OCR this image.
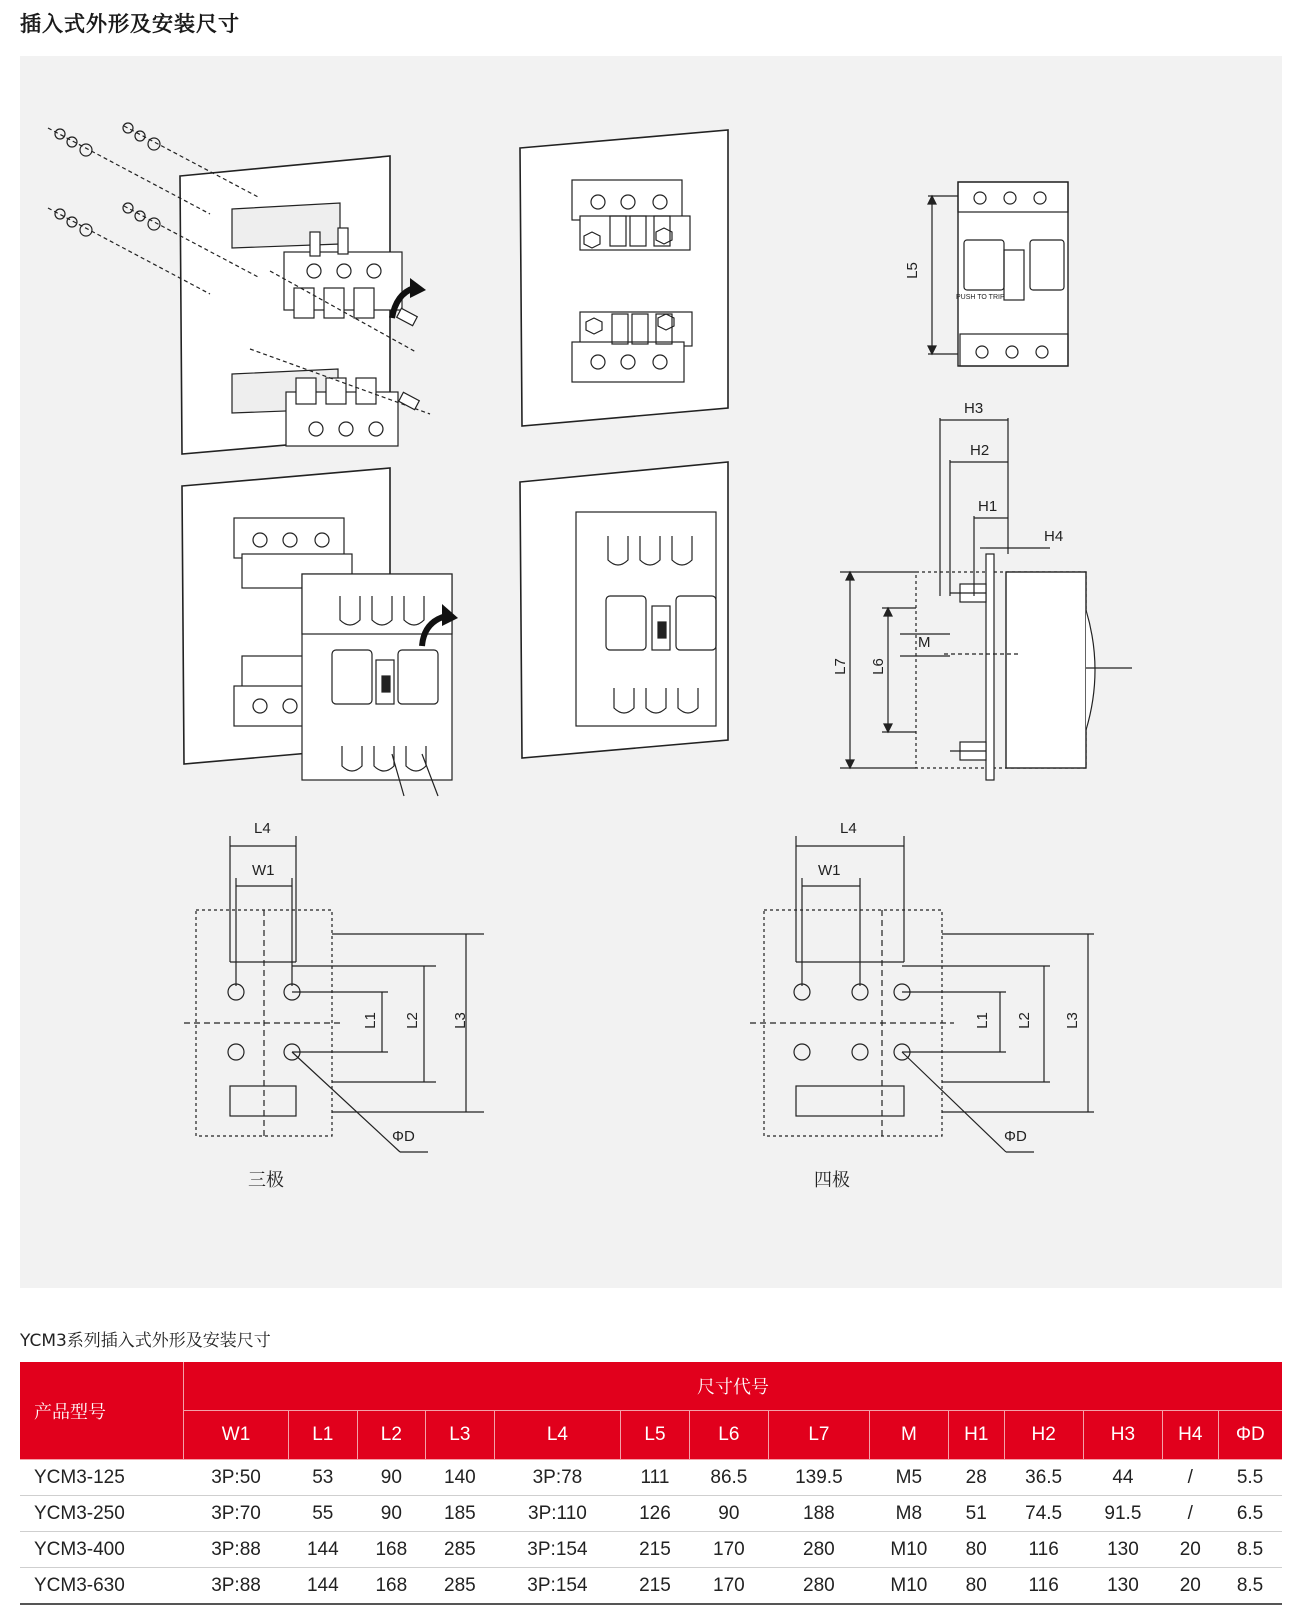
插入式外形及安装尺寸
L5
H3
H2
H1
H4
M
L7 L6
PUSH TO TRIP
L4
W1
L1 L2 L3
ΦD
三极
L4
W1
L1 L2 L3
ΦD
四极
YCM3系列插入式外形及安装尺寸
产品型号	尺寸代号													
	W1	L1	L2	L3	L4	L5	L6	L7	M	H1	H2	H3	H4	ΦD
YCM3-125	3P:50	53	90	140	3P:78	111	86.5	139.5	M5	28	36.5	44	/	5.5
YCM3-250	3P:70	55	90	185	3P:110	126	90	188	M8	51	74.5	91.5	/	6.5
YCM3-400	3P:88	144	168	285	3P:154	215	170	280	M10	80	116	130	20	8.5
YCM3-630	3P:88	144	168	285	3P:154	215	170	280	M10	80	116	130	20	8.5
